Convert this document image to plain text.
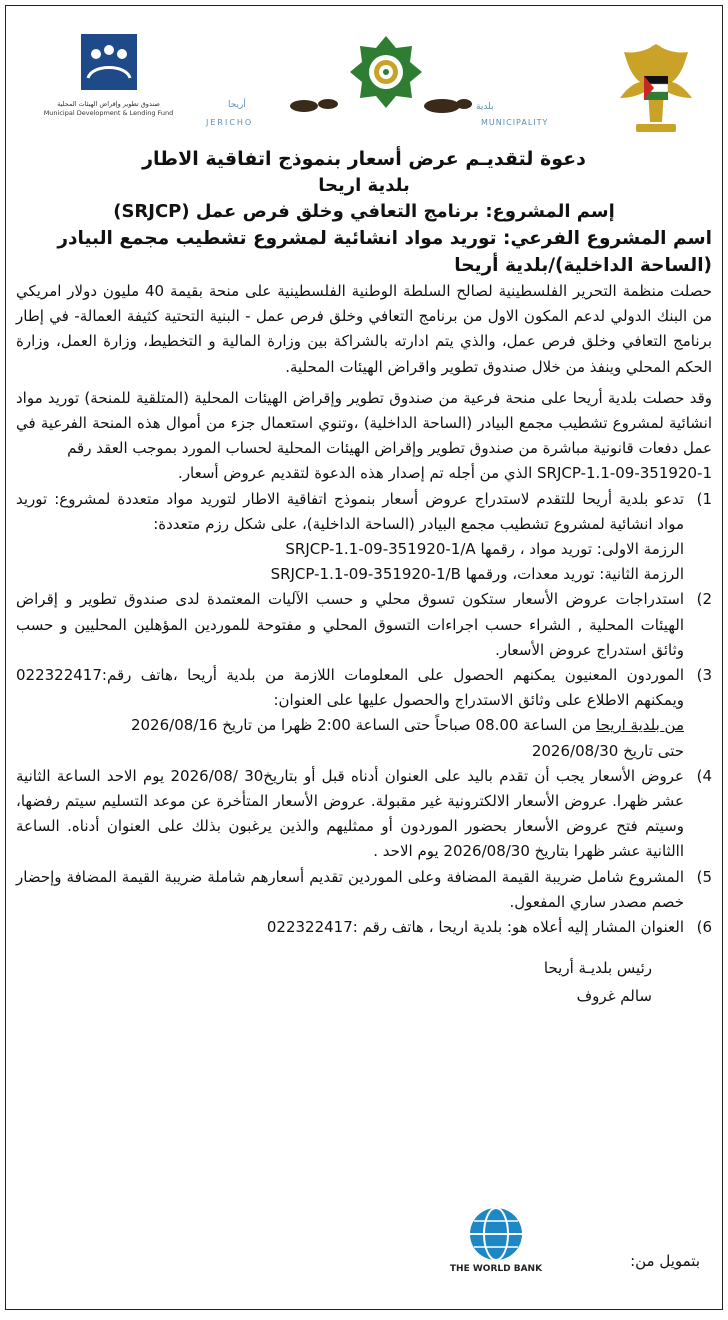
أريحا
JERICHO
بلدية
MUNICIPALITY
صندوق تطوير وإقراض الهيئات المحلية
Municipal Development & Lending Fund
دعوة لتقديـم عرض أسعار بنموذج اتفاقية الاطار
بلدية اريحا
إسم المشروع: برنامج التعافي وخلق فرص عمل (SRJCP)
اسم المشروع الفرعي: توريد مواد انشائية لمشروع تشطيب مجمع البيادر (الساحة الداخلية)/بلدية أريحا

حصلت منظمة التحرير الفلسطينية لصالح السلطة الوطنية الفلسطينية على منحة بقيمة 40 مليون دولار امريكي من البنك الدولي لدعم المكون الاول من برنامج التعافي وخلق فرص عمل - البنية التحتية كثيفة العمالة- في إطار برنامج التعافي وخلق فرص عمل، والذي يتم ادارته بالشراكة بين وزارة المالية و التخطيط، وزارة العمل، وزارة الحكم المحلي وينفذ من خلال صندوق تطوير واقراض الهيئات المحلية.

وقد حصلت بلدية أريحا على منحة فرعية من صندوق تطوير وإقراض الهيئات المحلية (المتلقية للمنحة) توريد مواد انشائية لمشروع تشطيب مجمع البيادر (الساحة الداخلية) ،وتنوي استعمال جزء من أموال هذه المنحة الفرعية في عمل دفعات قانونية مباشرة من صندوق تطوير وإقراض الهيئات المحلية لحساب المورد بموجب العقد رقم

SRJCP-1.1-09-351920-1 الذي من أجله تم إصدار هذه الدعوة لتقديم عروض أسعار.

1)
تدعو بلدية أريحا للتقدم لاستدراج عروض أسعار بنموذج اتفاقية الاطار لتوريد مواد متعددة لمشروع: توريد مواد انشائية لمشروع تشطيب مجمع البيادر (الساحة الداخلية)، على شكل رزم متعددة:
الرزمة الاولى: توريد مواد ، رقمها SRJCP-1.1-09-351920-1/A
الرزمة الثانية: توريد معدات، ورقمها SRJCP-1.1-09-351920-1/B
2)
استدراجات عروض الأسعار ستكون تسوق محلي و حسب الآليات المعتمدة لدى صندوق تطوير و إقراض الهيئات المحلية , الشراء حسب اجراءات التسوق المحلي و مفتوحة للموردين المؤهلين المحليين و حسب وثائق استدراج عروض الأسعار.
3)
الموردون المعنيون يمكنهم الحصول على المعلومات اللازمة من بلدية أريحا ،هاتف رقم:022322417 ويمكنهم الاطلاع على وثائق الاستدراج والحصول عليها على العنوان:
من بلدية اريحا من الساعة 08.00 صباحاً حتى الساعة 2:00 ظهرا من تاريخ 2026/08/16
حتى تاريخ 2026/08/30
4)
عروض الأسعار يجب أن تقدم باليد على العنوان أدناه قبل أو بتاريخ30 /2026/08 يوم الاحد الساعة الثانية عشر ظهرا. عروض الأسعار الالكترونية غير مقبولة. عروض الأسعار المتأخرة عن موعد التسليم سيتم رفضها، وسيتم فتح عروض الأسعار بحضور الموردون أو ممثليهم والذين يرغبون بذلك على العنوان أدناه. الساعة االثانية عشر ظهرا بتاريخ 2026/08/30 يوم الاحد .
5)
المشروع شامل ضريبة القيمة المضافة وعلى الموردين تقديم أسعارهم شاملة ضريبة القيمة المضافة وإحضار خصم مصدر ساري المفعول.
6)
العنوان المشار إليه أعلاه هو: بلدية اريحا ، هاتف رقم :022322417
رئيس بلديـة أريحا
سالم غروف
THE WORLD BANK	بتمويل من:
